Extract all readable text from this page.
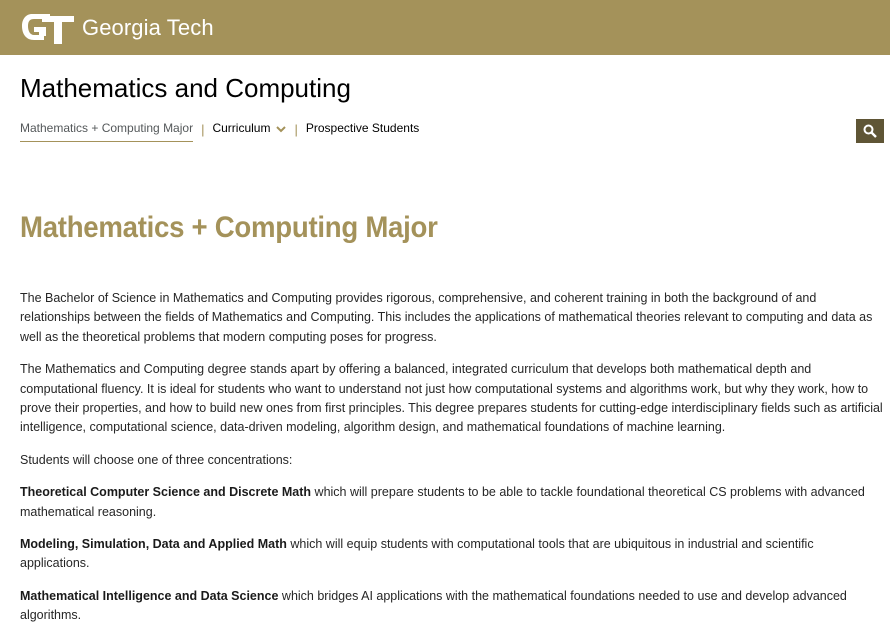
Georgia Tech
Mathematics and Computing
Mathematics + Computing Major | Curriculum	| Prospective Students
Mathematics + Computing Major

The Bachelor of Science in Mathematics and Computing provides rigorous, comprehensive, and coherent training in both the background of and relationships between the fields of Mathematics and Computing. This includes the applications of mathematical theories relevant to computing and data as well as the theoretical problems that modern computing poses for progress.

The Mathematics and Computing degree stands apart by offering a balanced, integrated curriculum that develops both mathematical depth and computational fluency. It is ideal for students who want to understand not just how computational systems and algorithms work, but why they work, how to prove their properties, and how to build new ones from first principles. This degree prepares students for cutting-edge interdisciplinary fields such as artificial intelligence, computational science, data-driven modeling, algorithm design, and mathematical foundations of machine learning.

Students will choose one of three concentrations:

Theoretical Computer Science and Discrete Math which will prepare students to be able to tackle foundational theoretical CS problems with advanced mathematical reasoning.

Modeling, Simulation, Data and Applied Math which will equip students with computational tools that are ubiquitous in industrial and scientific applications.

Mathematical Intelligence and Data Science which bridges AI applications with the mathematical foundations needed to use and develop advanced algorithms.
